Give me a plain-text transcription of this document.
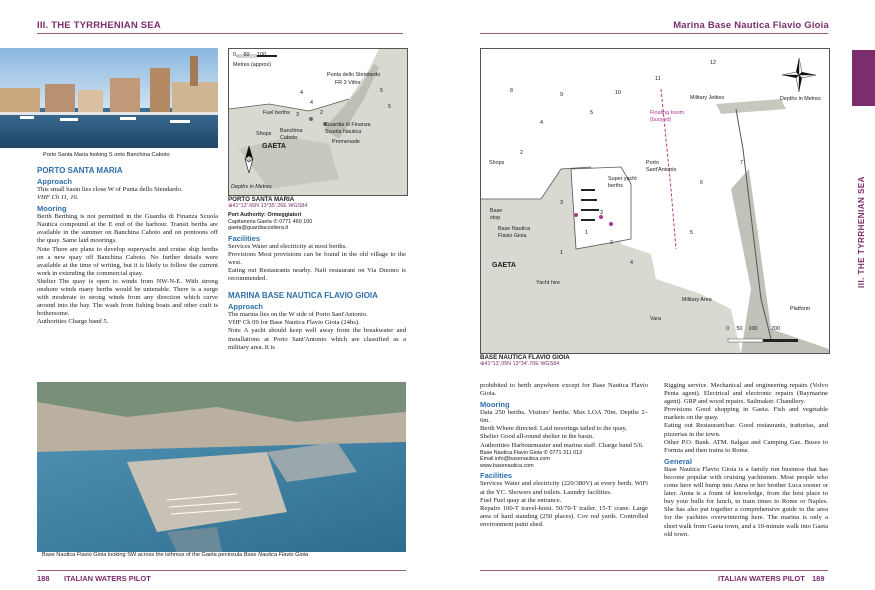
III. THE TYRRHENIAN SEA	Marina Base Nautica Flavio Gioia
III. THE TYRRHENIAN SEA
Porto Santa Maria looking S onto Banchina Caboto
0 50 100
Metres (approx)
Punta dello Stendardo
FR 3 Vittor
Fuel berths
Banchina Caboto
Guardia di Finanza Scuola Nautica
Promenade
Shops
GAETA
Depths in Metres
5
5
4
4
3	2
PORTO SANTA MARIA
⊕41°12'.66N 13°35'.26E WGS84
PORTO SANTA MARIA
Approach
This small basin lies close W of Punta dello Stendardo.
VHF Ch 11, 16.
Mooring
Berth Berthing is not permitted in the Guardia di Finanza Scuola Nautica compound at the E end of the harbour. Transit berths are available in the summer on Banchina Caboto and on pontoons off the quay. Same laid moorings.
Note There are plans to develop superyacht and cruise ship berths on a new quay off Banchina Caboto. No further details were available at the time of writing, but it is likely to follow the current work in extending the commercial quay.
Shelter The quay is open to winds from NW-N-E. With strong onshore winds many berths would be untenable. There is a surge with moderate to strong winds from any direction which curve around into the bay. The wash from fishing boats and other craft is bothersome.
Authorities Charge band 5.
Port Authority: Ormeggiatori
Capitaneria Gaeta ✆ 0771 460 100
gaeta@guardiacostiera.it
Facilities
Services Water and electricity at most berths.
Provisions Most provisions can be found in the old village to the west.
Eating out Restaurants nearby. Nafi restaurant on Via Duomo is recommended.
MARINA BASE NAUTICA FLAVIO GIOIA
Approach
The marina lies on the W side of Porto Sant'Antonio.
VHF Ch 09 for Base Nautica Flavio Gioia (24hs).
Note A yacht should keep well away from the breakwater and installations at Porto Sant'Antonio which are classified as a military area. It is
Base Nautica Flavio Gioia looking SW across the isthmus of the Gaeta peninsula Base Nautica Flavio Gioia
Depths in Metres
Military Jetties
Floating boom (buoyed)
Shops	Porto Sant'Antonio
Super yacht berths
Base Nautica Flavio Gioia
Base stop
GAETA
Military Area
Vara
Yacht hire
Platform
0 50 100 200
12
11
10
9
8
7
6
5
5
4
4
3
3
2
2
1
1
BASE NAUTICA FLAVIO GIOIA
⊕41°13'.05N 13°34'.70E WGS84
prohibited to berth anywhere except for Base Nautica Flavio Gioia.
Mooring
Data 250 berths. Visitors' berths. Max LOA 70m. Depths 2–6m.
Berth Where directed. Laid moorings tailed to the quay.
Shelter Good all-round shelter in the basin.
Authorities Harbourmaster and marina staff. Charge band 5/6.
Base Nautica Flavio Gioia ✆ 0771 311 013
Email info@basenautica.com
www.basenautica.com
Facilities
Services Water and electricity (220/380V) at every berth. WiFi at the YC. Showers and toilets. Laundry facilities.
Fuel Fuel quay at the entrance.
Repairs 100-T travel-hoist. 50/70-T trailer. 15-T crane. Large area of hard standing (250 places). Cov red yards. Controlled environment paint shed.
Rigging service. Mechanical and engineering repairs (Volvo Penta agent). Electrical and electronic repairs (Raymarine agent). GRP and wood repairs. Sailmaker. Chandlery.
Provisions Good shopping in Gaeta. Fish and vegetable markets on the quay.
Eating out Restaurant/bar. Good restaurants, trattorias, and pizzerias in the town.
Other P.O. Bank. ATM. Italgaz and Camping Gaz. Buses to Formia and then trains to Rome.
General
Base Nautica Flavio Gioia is a family run business that has become popular with cruising yachtsmen. Most people who come here will bump into Anna or her brother Luca sooner or later. Anna is a fount of knowledge, from the best place to buy your bulls for lunch, to train times to Rome or Naples. She has also put together a comprehensive guide to the area for the yachties overwintering here. The marina is only a short walk from Gaeta town, and a 10-minute walk into Gaeta old town.
188 ITALIAN WATERS PILOT	ITALIAN WATERS PILOT 189
